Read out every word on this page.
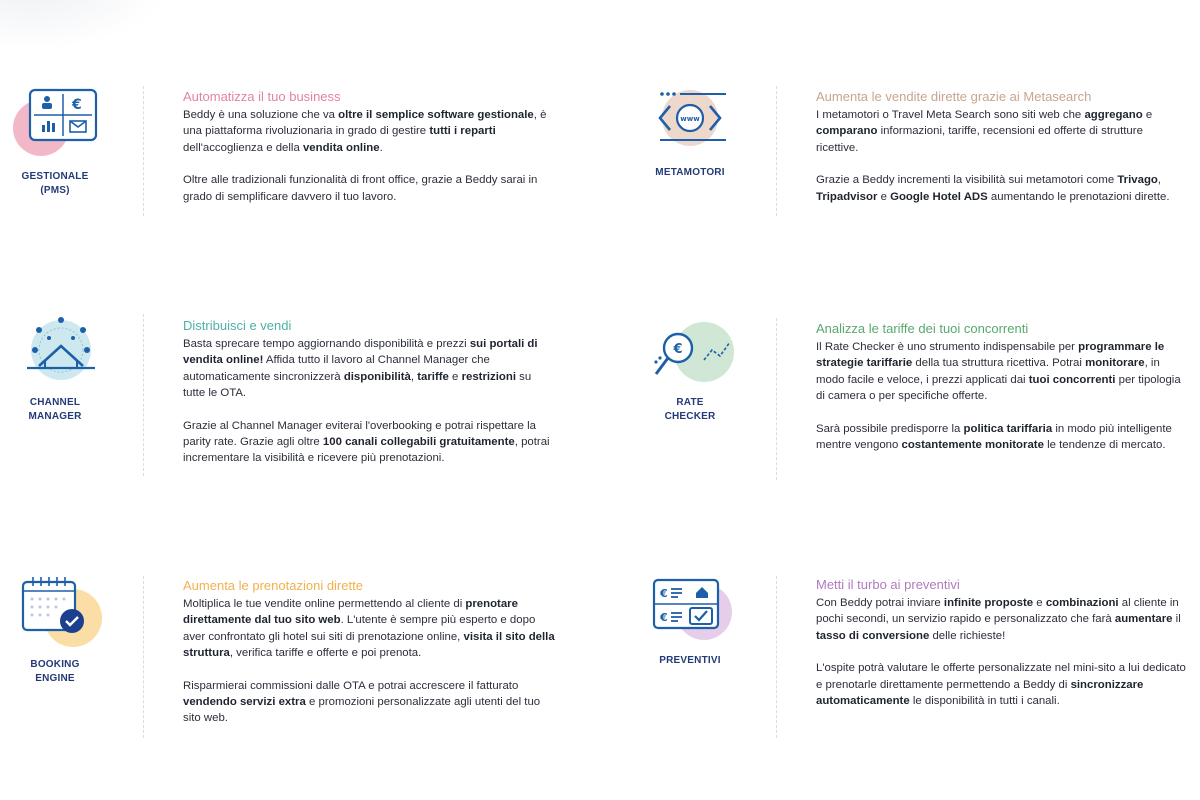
€
GESTIONALE
(PMS)
Automatizza il tuo business

Beddy è una soluzione che va oltre il semplice software gestionale, è una piattaforma rivoluzionaria in grado di gestire tutti i reparti dell'accoglienza e della vendita online.

Oltre alle tradizionali funzionalità di front office, grazie a Beddy sarai in grado di semplificare davvero il tuo lavoro.

www
METAMOTORI
Aumenta le vendite dirette grazie ai Metasearch

I metamotori o Travel Meta Search sono siti web che aggregano e comparano informazioni, tariffe, recensioni ed offerte di strutture ricettive.

Grazie a Beddy incrementi la visibilità sui metamotori come Trivago, Tripadvisor e Google Hotel ADS aumentando le prenotazioni dirette.

CHANNEL
MANAGER
Distribuisci e vendi

Basta sprecare tempo aggiornando disponibilità e prezzi sui portali di vendita online! Affida tutto il lavoro al Channel Manager che automaticamente sincronizzerà disponibilità, tariffe e restrizioni su tutte le OTA.

Grazie al Channel Manager eviterai l'overbooking e potrai rispettare la parity rate. Grazie agli oltre 100 canali collegabili gratuitamente, potrai incrementare la visibilità e ricevere più prenotazioni.

€
RATE
CHECKER
Analizza le tariffe dei tuoi concorrenti

Il Rate Checker è uno strumento indispensabile per programmare le strategie tariffarie della tua struttura ricettiva. Potrai monitorare, in modo facile e veloce, i prezzi applicati dai tuoi concorrenti per tipologia di camera o per specifiche offerte.

Sarà possibile predisporre la politica tariffaria in modo più intelligente mentre vengono costantemente monitorate le tendenze di mercato.

BOOKING
ENGINE
Aumenta le prenotazioni dirette

Moltiplica le tue vendite online permettendo al cliente di prenotare direttamente dal tuo sito web. L'utente è sempre più esperto e dopo aver confrontato gli hotel sui siti di prenotazione online, visita il sito della struttura, verifica tariffe e offerte e poi prenota.

Risparmierai commissioni dalle OTA e potrai accrescere il fatturato vendendo servizi extra e promozioni personalizzate agli utenti del tuo sito web.

€
€
PREVENTIVI
Metti il turbo ai preventivi

Con Beddy potrai inviare infinite proposte e combinazioni al cliente in pochi secondi, un servizio rapido e personalizzato che farà aumentare il tasso di conversione delle richieste!

L'ospite potrà valutare le offerte personalizzate nel mini-sito a lui dedicato e prenotarle direttamente permettendo a Beddy di sincronizzare automaticamente le disponibilità in tutti i canali.
